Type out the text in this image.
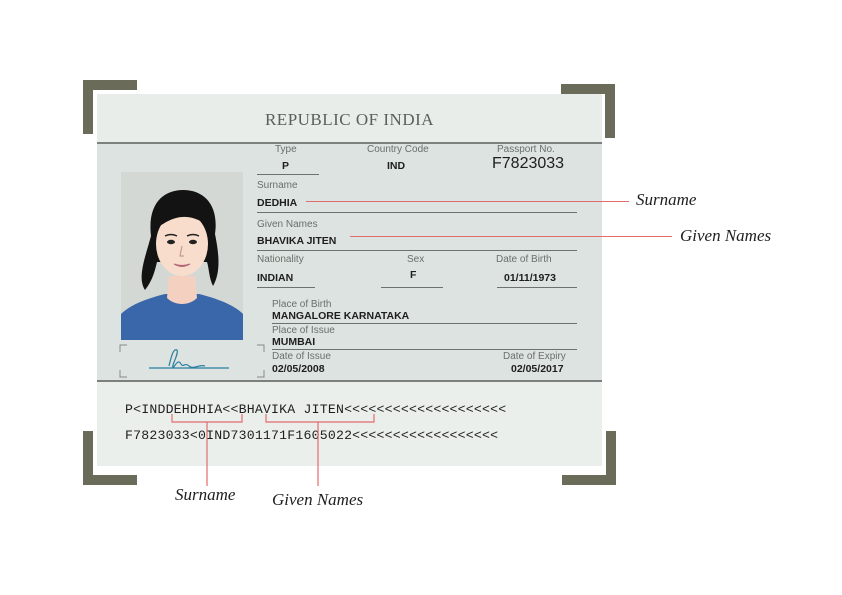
REPUBLIC OF INDIA
Type
P
Country Code
IND
Passport No.
F7823033
Surname
DEDHIA
Given Names
BHAVIKA JITEN
Nationality
INDIAN
Sex
F
Date of Birth
01/11/1973
Place of Birth
MANGALORE KARNATAKA
Place of Issue
MUMBAI
Date of Issue
02/05/2008
Date of Expiry
02/05/2017
P<INDDEHDHIA<<BHAVIKA JITEN<<<<<<<<<<<<<<<<<<<<
F7823033<0IND7301171F1605022<<<<<<<<<<<<<<<<<<
Surname
Given Names
Surname Given Names
